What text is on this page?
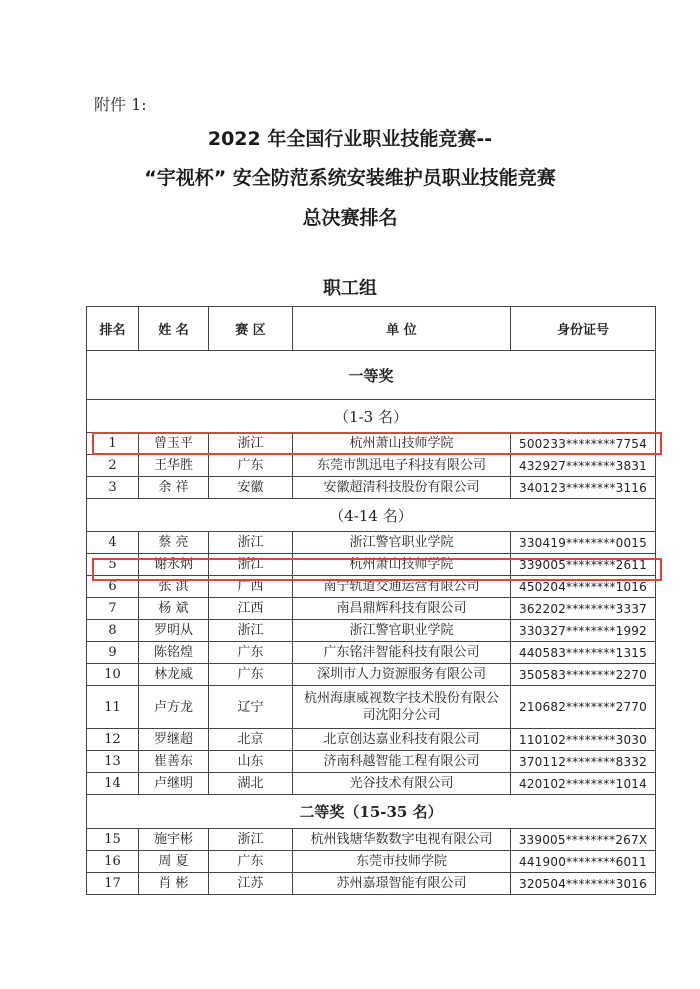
附件 1:
2022 年全国行业职业技能竞赛--
“宇视杯” 安全防范系统安装维护员职业技能竞赛
总决赛排名
职工组
排名	姓 名	赛 区	单 位	身份证号
一等奖				
（1-3 名）				
1	曾玉平	浙江	杭州萧山技师学院	500233********7754
2	王华胜	广东	东莞市凯迅电子科技有限公司	432927********3831
3	余 祥	安徽	安徽超清科技股份有限公司	340123********3116
（4-14 名）				
4	蔡 亮	浙江	浙江警官职业学院	330419********0015
5	谢永炳	浙江	杭州萧山技师学院	339005********2611
6	张 淇	广西	南宁轨道交通运营有限公司	450204********1016
7	杨 斌	江西	南昌鼎辉科技有限公司	362202********3337
8	罗明从	浙江	浙江警官职业学院	330327********1992
9	陈铭煌	广东	广东铭沣智能科技有限公司	440583********1315
10	林龙威	广东	深圳市人力资源服务有限公司	350583********2270
11	卢方龙	辽宁	杭州海康威视数字技术股份有限公司沈阳分公司	210682********2770
12	罗继超	北京	北京创达嘉业科技有限公司	110102********3030
13	崔善东	山东	济南科越智能工程有限公司	370112********8332
14	卢继明	湖北	光谷技术有限公司	420102********1014
二等奖（15-35 名）				
15	施宇彬	浙江	杭州钱塘华数数字电视有限公司	339005********267X
16	周 夏	广东	东莞市技师学院	441900********6011
17	肖 彬	江苏	苏州嘉璟智能有限公司	320504********3016
